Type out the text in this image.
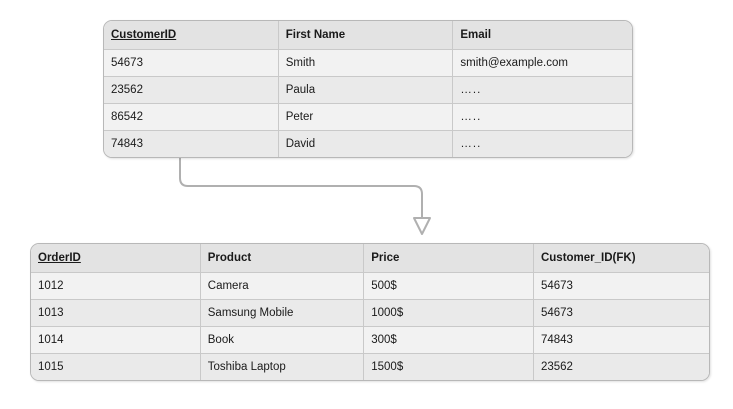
CustomerID	First Name	Email
54673	Smith	smith@example.com
23562	Paula	…..
86542	Peter	…..
74843	David	…..
OrderID	Product	Price	Customer_ID(FK)
1012	Camera	500$	54673
1013	Samsung Mobile	1000$	54673
1014	Book	300$	74843
1015	Toshiba Laptop	1500$	23562
